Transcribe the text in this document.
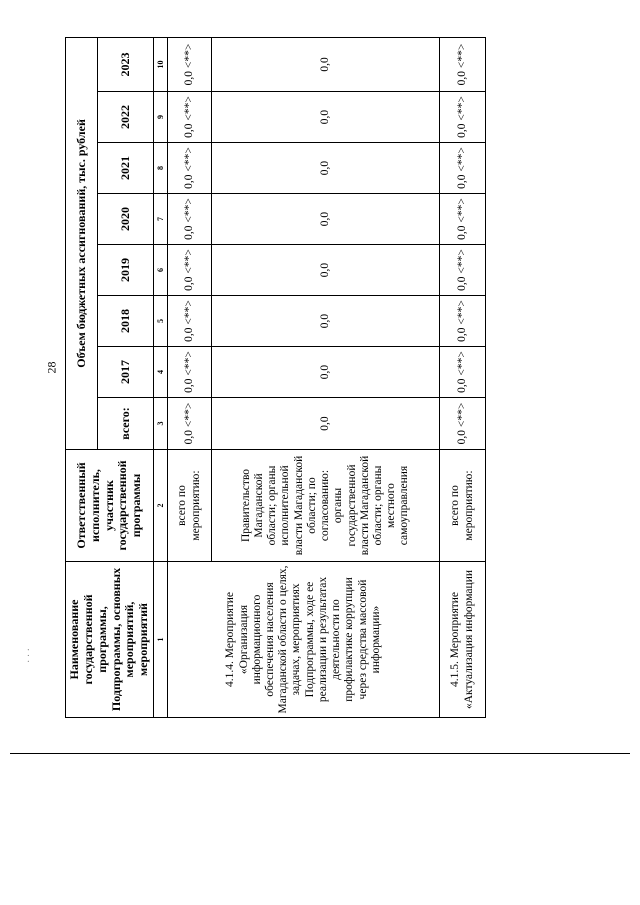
28
· · ·	Наименование государственной программы, Подпрограммы, основных мероприятий, мероприятий	Ответственный исполнитель, участник государственной программы	Объем бюджетных ассигнований, тыс. рублей							
		всего:	2017	2018	2019	2020	2021	2022	2023
1	2	3	4	5	6	7	8	9	10
4.1.4. Мероприятие «Организация информационного обеспечения населения Магаданской области о целях, задачах, мероприятиях Подпрограммы, ходе ее реализации и результатах деятельности по профилактике коррупции через средства массовой информации»	всего по мероприятию:	0,0 <**>	0,0 <**>	0,0 <**>	0,0 <**>	0,0 <**>	0,0 <**>	0,0 <**>	0,0 <**>
	Правительство Магаданской области; органы исполнительной власти Магаданской области; по согласованию: органы государственной власти Магаданской области; органы местного самоуправления	0,0	0,0	0,0	0,0	0,0	0,0	0,0	0,0
4.1.5. Мероприятие «Актуализация информации	всего по мероприятию:	0,0 <**>	0,0 <**>	0,0 <**>	0,0 <**>	0,0 <**>	0,0 <**>	0,0 <**>	0,0 <**>
